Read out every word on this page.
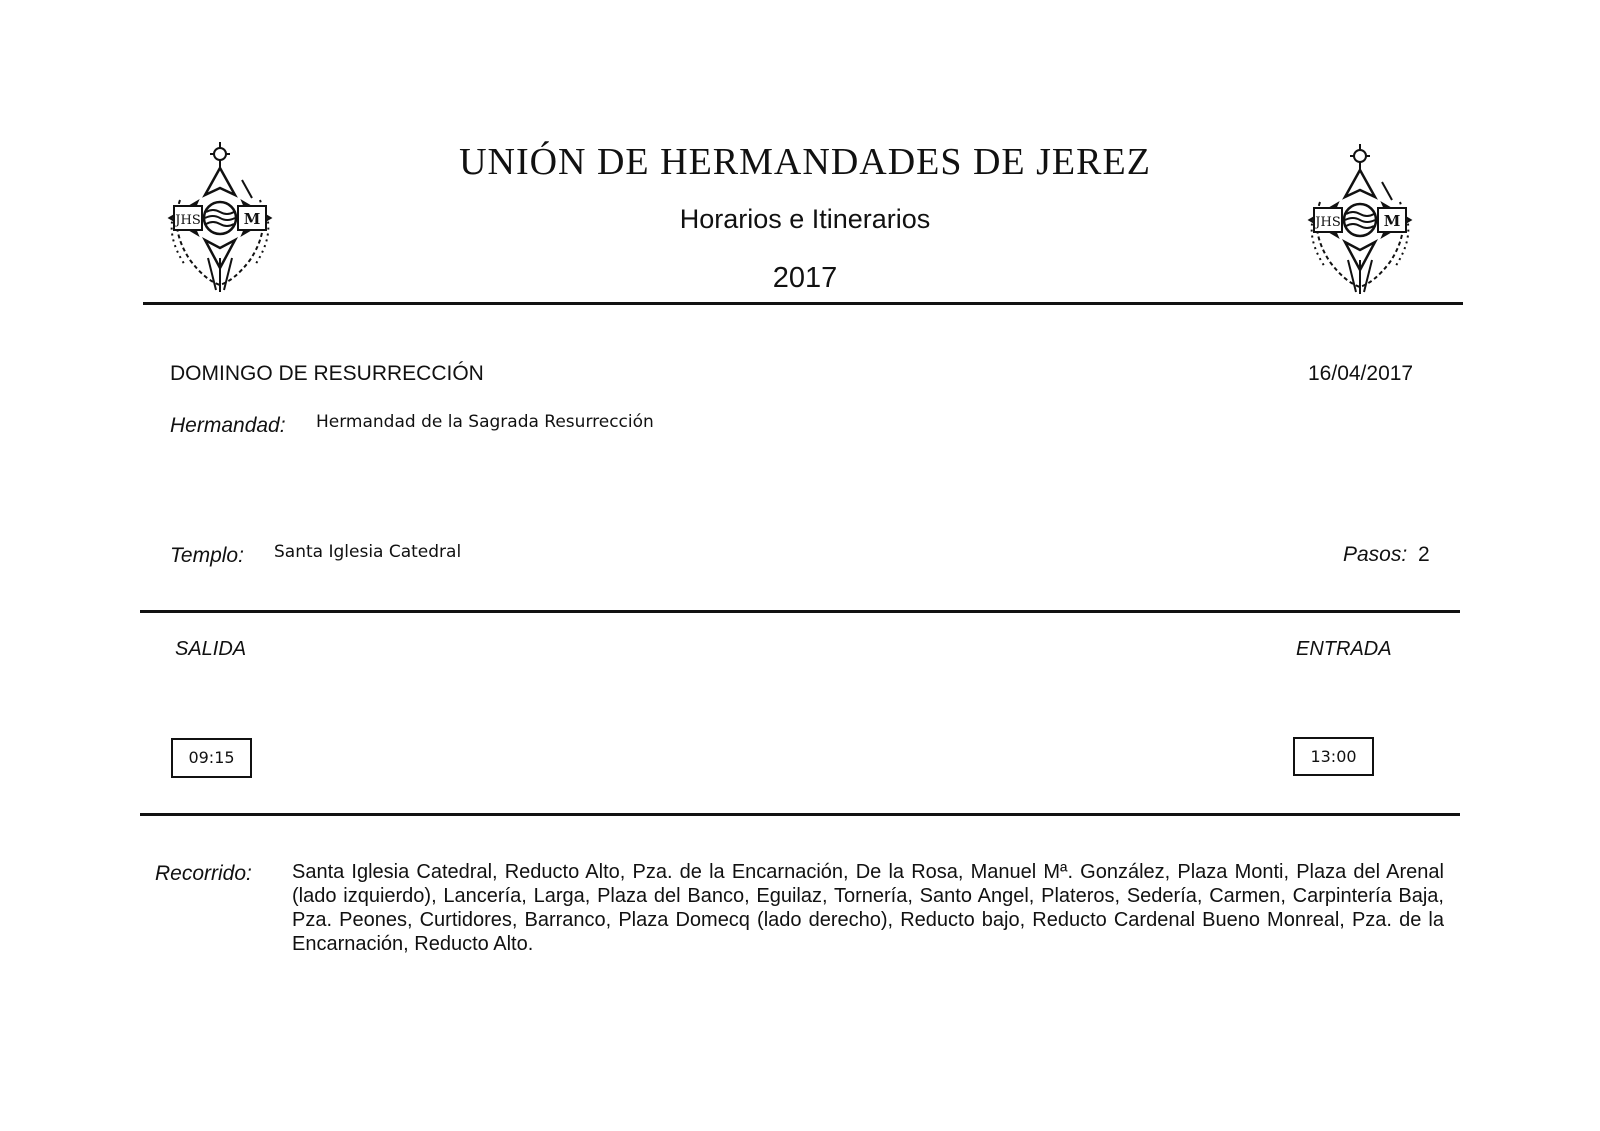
JHS	M	JHS	M
UNIÓN DE HERMANDADES DE JEREZ
Horarios e Itinerarios
2017
DOMINGO DE RESURRECCIÓN	16/04/2017
Hermandad: Hermandad de la Sagrada Resurrección
Templo: Santa Iglesia Catedral	Pasos: 2
SALIDA	ENTRADA
09:15	13:00
Recorrido: Santa Iglesia Catedral, Reducto Alto, Pza. de la Encarnación, De la Rosa, Manuel Mª. González, Plaza Monti, Plaza del Arenal (lado izquierdo), Lancería, Larga, Plaza del Banco, Eguilaz, Tornería, Santo Angel, Plateros, Sedería, Carmen, Carpintería Baja, Pza. Peones, Curtidores, Barranco, Plaza Domecq (lado derecho), Reducto bajo, Reducto Cardenal Bueno Monreal, Pza. de la Encarnación, Reducto Alto.
